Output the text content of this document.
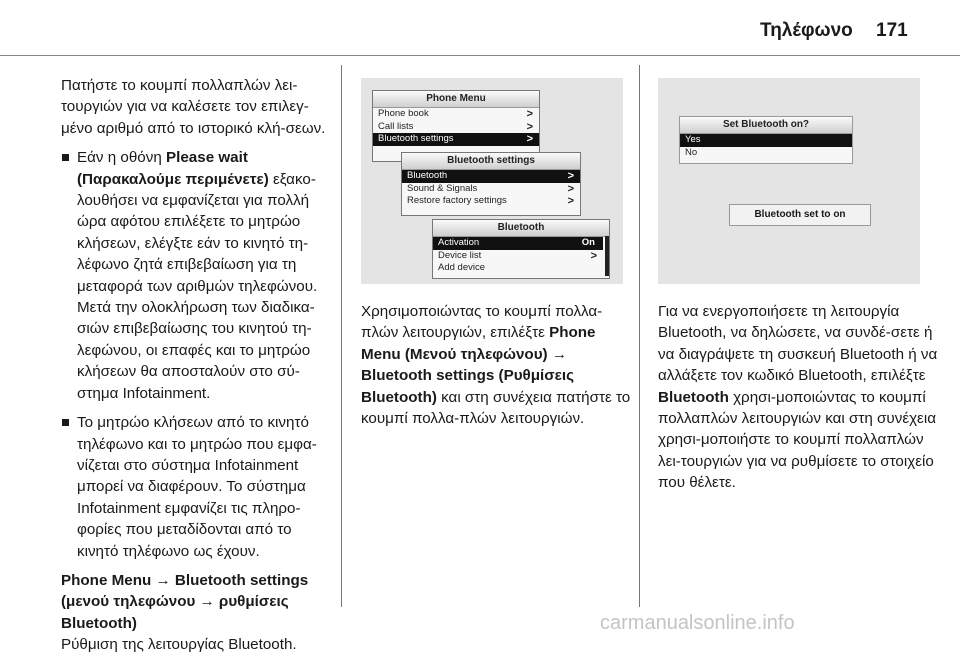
Τηλέφωνο 171

Πατήστε το κουμπί πολλαπλών λει-τουργιών για να καλέσετε τον επιλεγ-μένο αριθμό από το ιστορικό κλή-σεων.

Εάν η οθόνη Please wait (Παρακαλούμε περιμένετε) εξακο-λουθήσει να εμφανίζεται για πολλή ώρα αφότου επιλέξετε το μητρώο κλήσεων, ελέγξτε εάν το κινητό τη-λέφωνο ζητά επιβεβαίωση για τη μεταφορά των αριθμών τηλεφώνου. Μετά την ολοκλήρωση των διαδικα-σιών επιβεβαίωσης του κινητού τη-λεφώνου, οι επαφές και το μητρώο κλήσεων θα αποσταλούν στο σύ-στημα Infotainment.
Το μητρώο κλήσεων από το κινητό τηλέφωνο και το μητρώο που εμφα-νίζεται στο σύστημα Infotainment μπορεί να διαφέρουν. Το σύστημα Infotainment εμφανίζει τις πληρο-φορίες που μεταδίδονται από το κινητό τηλέφωνο ως έχουν.

Phone Menu → Bluetooth settings (μενού τηλεφώνου → ρυθμίσεις Bluetooth)

Ρύθμιση της λειτουργίας Bluetooth.

Phone Menu
Phone book	>
Call lists	>
Bluetooth settings	>
Bluetooth settings
Bluetooth	>
Sound & Signals	>
Restore factory settings	>
Bluetooth
Activation	On
Device list	>
Add device

Χρησιμοποιώντας το κουμπί πολλα-πλών λειτουργιών, επιλέξτε Phone Menu (Μενού τηλεφώνου) → Bluetooth settings (Ρυθμίσεις Bluetooth) και στη συνέχεια πατήστε το κουμπί πολλα-πλών λειτουργιών.

Set Bluetooth on?
Yes
No
Bluetooth set to on

Για να ενεργοποιήσετε τη λειτουργία Bluetooth, να δηλώσετε, να συνδέ-σετε ή να διαγράψετε τη συσκευή Bluetooth ή να αλλάξετε τον κωδικό Bluetooth, επιλέξτε Bluetooth χρησι-μοποιώντας το κουμπί πολλαπλών λειτουργιών και στη συνέχεια χρησι-μοποιήστε το κουμπί πολλαπλών λει-τουργιών για να ρυθμίσετε το στοιχείο που θέλετε.

carmanualsonline.info
